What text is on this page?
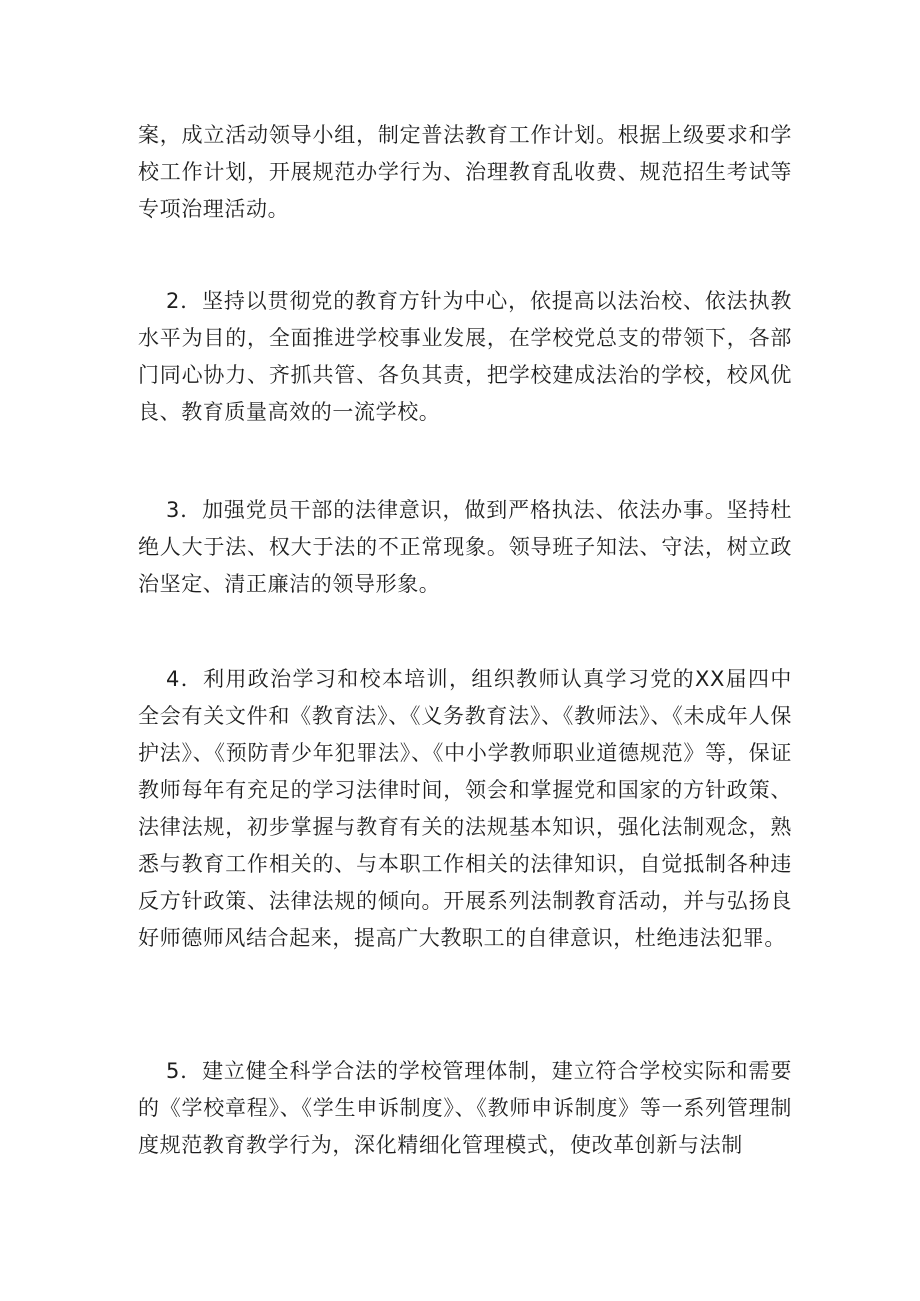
案，成立活动领导小组，制定普法教育工作计划。根据上级要求和学校工作计划，开展规范办学行为、治理教育乱收费、规范招生考试等专项治理活动。

2．坚持以贯彻党的教育方针为中心，依提高以法治校、依法执教水平为目的，全面推进学校事业发展，在学校党总支的带领下，各部门同心协力、齐抓共管、各负其责，把学校建成法治的学校，校风优良、教育质量高效的一流学校。

3．加强党员干部的法律意识，做到严格执法、依法办事。坚持杜绝人大于法、权大于法的不正常现象。领导班子知法、守法，树立政治坚定、清正廉洁的领导形象。

4．利用政治学习和校本培训，组织教师认真学习党的XX届四中全会有关文件和《教育法》、《义务教育法》、《教师法》、《未成年人保护法》、《预防青少年犯罪法》、《中小学教师职业道德规范》等，保证教师每年有充足的学习法律时间，领会和掌握党和国家的方针政策、法律法规，初步掌握与教育有关的法规基本知识，强化法制观念，熟悉与教育工作相关的、与本职工作相关的法律知识，自觉抵制各种违反方针政策、法律法规的倾向。开展系列法制教育活动，并与弘扬良好师德师风结合起来，提高广大教职工的自律意识，杜绝违法犯罪。

5．建立健全科学合法的学校管理体制，建立符合学校实际和需要的《学校章程》、《学生申诉制度》、《教师申诉制度》等一系列管理制度规范教育教学行为，深化精细化管理模式，使改革创新与法制
